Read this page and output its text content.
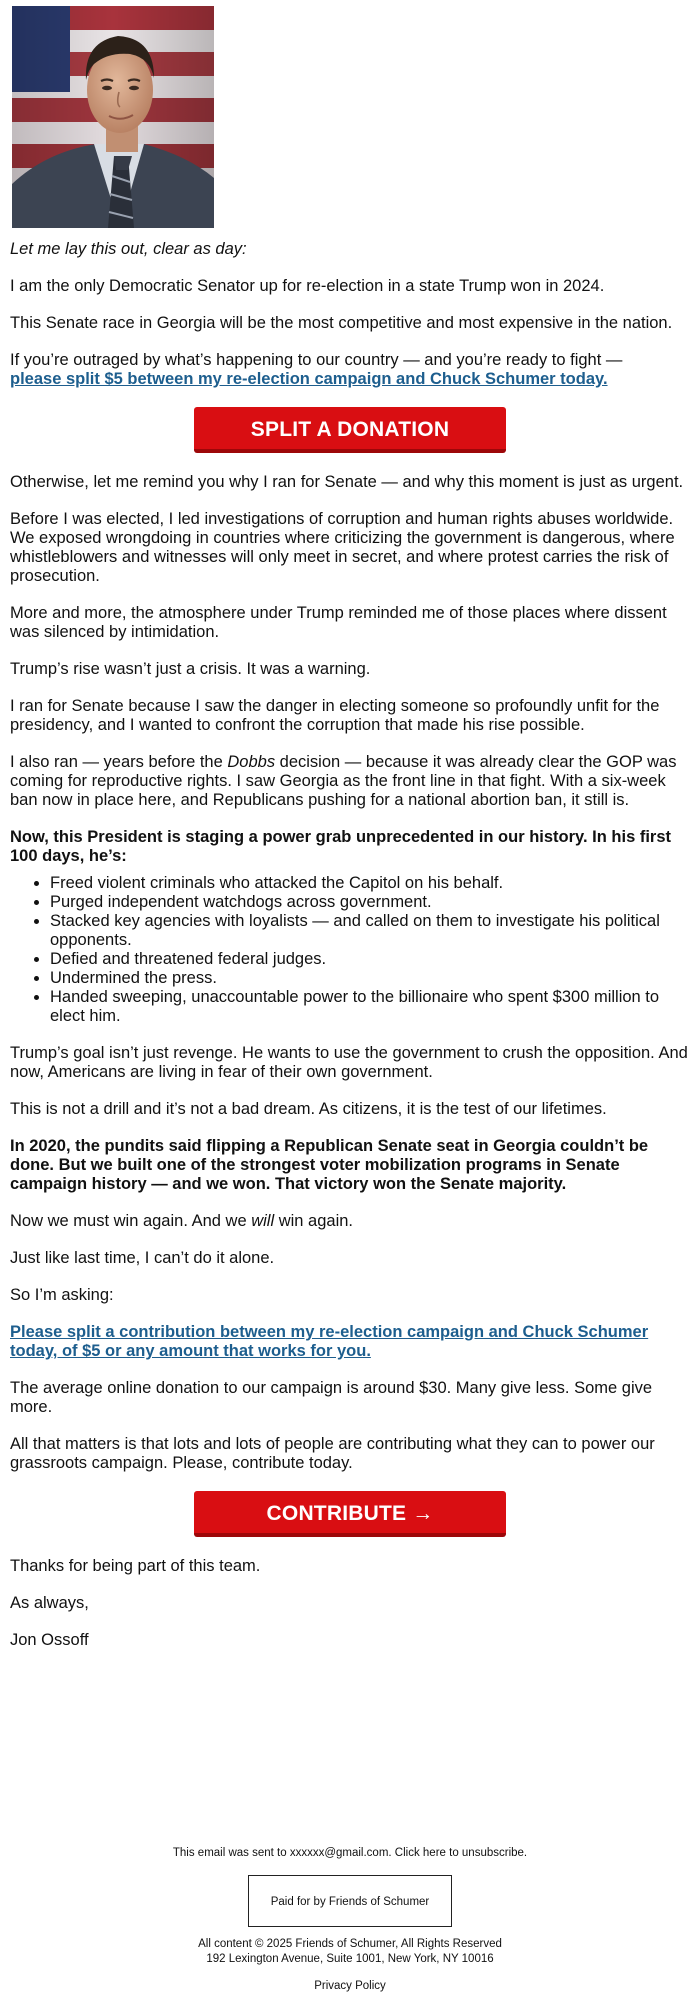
Let me lay this out, clear as day:

I am the only Democratic Senator up for re-election in a state Trump won in 2024.

This Senate race in Georgia will be the most competitive and most expensive in the nation.

If you’re outraged by what’s happening to our country — and you’re ready to fight —
please split $5 between my re-election campaign and Chuck Schumer today.

SPLIT A DONATION

Otherwise, let me remind you why I ran for Senate — and why this moment is just as urgent.

Before I was elected, I led investigations of corruption and human rights abuses worldwide. We exposed wrongdoing in countries where criticizing the government is dangerous, where whistleblowers and witnesses will only meet in secret, and where protest carries the risk of prosecution.

More and more, the atmosphere under Trump reminded me of those places where dissent was silenced by intimidation.

Trump’s rise wasn’t just a crisis. It was a warning.

I ran for Senate because I saw the danger in electing someone so profoundly unfit for the presidency, and I wanted to confront the corruption that made his rise possible.

I also ran — years before the Dobbs decision — because it was already clear the GOP was coming for reproductive rights. I saw Georgia as the front line in that fight. With a six-week ban now in place here, and Republicans pushing for a national abortion ban, it still is.

Now, this President is staging a power grab unprecedented in our history. In his first 100 days, he’s:

• Freed violent criminals who attacked the Capitol on his behalf.
• Purged independent watchdogs across government.
• Stacked key agencies with loyalists — and called on them to investigate his political opponents.
• Defied and threatened federal judges.
• Undermined the press.
• Handed sweeping, unaccountable power to the billionaire who spent $300 million to elect him.

Trump’s goal isn’t just revenge. He wants to use the government to crush the opposition. And now, Americans are living in fear of their own government.

This is not a drill and it’s not a bad dream. As citizens, it is the test of our lifetimes.

In 2020, the pundits said flipping a Republican Senate seat in Georgia couldn’t be done. But we built one of the strongest voter mobilization programs in Senate campaign history — and we won. That victory won the Senate majority.

Now we must win again. And we will win again.

Just like last time, I can’t do it alone.

So I’m asking:

Please split a contribution between my re-election campaign and Chuck Schumer today, of $5 or any amount that works for you.

The average online donation to our campaign is around $30. Many give less. Some give more.

All that matters is that lots and lots of people are contributing what they can to power our grassroots campaign. Please, contribute today.

CONTRIBUTE →

Thanks for being part of this team.

As always,

Jon Ossoff

This email was sent to xxxxxx@gmail.com. Click here to unsubscribe.

Paid for by Friends of Schumer

All content © 2025 Friends of Schumer, All Rights Reserved

192 Lexington Avenue, Suite 1001, New York, NY 10016

Privacy Policy
